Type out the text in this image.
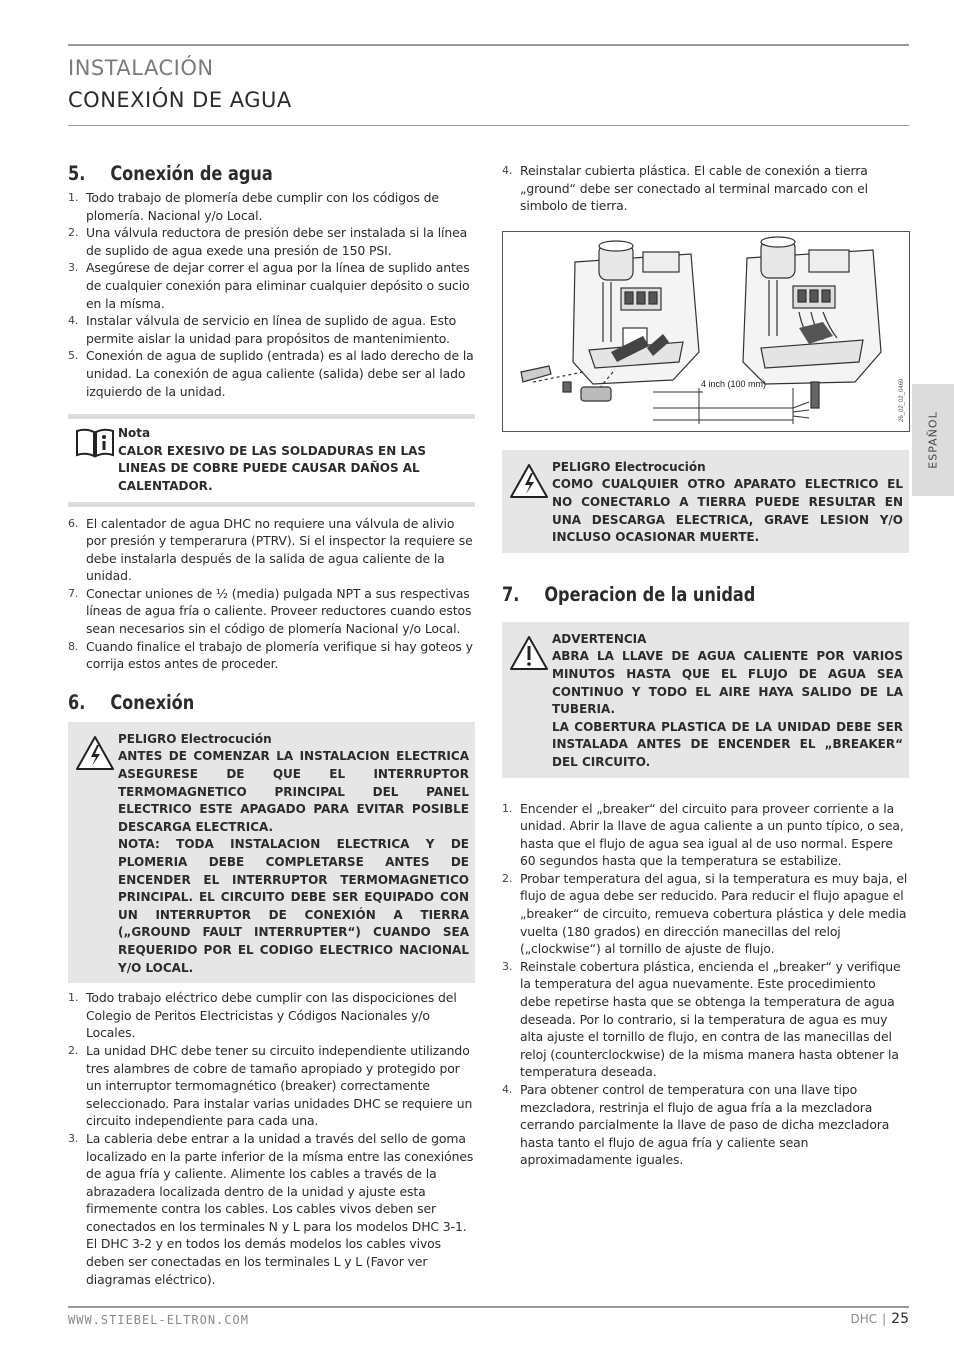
INSTALACIÓN
CONEXIÓN DE AGUA
ESPAÑOL
5.	Conexión de agua
1. Todo trabajo de plomería debe cumplir con los códigos de plomería. Nacional y/o Local.
2. Una válvula reductora de presión debe ser instalada si la línea de suplido de agua exede una presión de 150 PSI.
3. Asegúrese de dejar correr el agua por la línea de suplido antes de cualquier conexión para eliminar cualquier depósito o sucio en la mísma.
4. Instalar válvula de servicio en línea de suplido de agua. Esto permite aislar la unidad para propósitos de mantenimiento.
5. Conexión de agua de suplido (entrada) es al lado derecho de la unidad. La conexión de agua caliente (salida) debe ser al lado izquierdo de la unidad.
Nota
CALOR EXESIVO DE LAS SOLDADURAS EN LAS LINEAS DE COBRE PUEDE CAUSAR DAÑOS AL CALENTADOR.
6. El calentador de agua DHC no requiere una válvula de alivio por presión y temperarura (PTRV). Si el inspector la requiere se debe instalarla después de la salida de agua caliente de la unidad.
7. Conectar uniones de ½ (media) pulgada NPT a sus respectivas líneas de agua fría o caliente. Proveer reductores cuando estos sean necesarios sin el código de plomería Nacional y/o Local.
8. Cuando finalice el trabajo de plomería verifique si hay goteos y corrija estos antes de proceder.
6.	Conexión
PELIGRO Electrocución
ANTES DE COMENZAR LA INSTALACION ELECTRICA ASEGURESE DE QUE EL INTERRUPTOR TERMOMAGNETICO PRINCIPAL DEL PANEL ELECTRICO ESTE APAGADO PARA EVITAR POSIBLE DESCARGA ELECTRICA.
NOTA: TODA INSTALACION ELECTRICA Y DE PLOMERIA DEBE COMPLETARSE ANTES DE ENCENDER EL INTERRUPTOR TERMOMAGNETICO PRINCIPAL. EL CIRCUITO DEBE SER EQUIPADO CON UN INTERRUPTOR DE CONEXIÓN A TIERRA („GROUND FAULT INTERRUPTER“) CUANDO SEA REQUERIDO POR EL CODIGO ELECTRICO NACIONAL Y/O LOCAL.
1. Todo trabajo eléctrico debe cumplir con las dispociciones del Colegio de Peritos Electricistas y Códigos Nacionales y/o Locales.
2. La unidad DHC debe tener su circuito independiente utilizando tres alambres de cobre de tamaño apropiado y protegido por un interruptor termomagnético (breaker) correctamente seleccionado. Para instalar varias unidades DHC se requiere un circuito independiente para cada una.
3. La cableria debe entrar a la unidad a través del sello de goma localizado en la parte inferior de la mísma entre las conexiónes de agua fría y caliente. Alimente los cables a través de la abrazadera localizada dentro de la unidad y ajuste esta firmemente contra los cables. Los cables vivos deben ser conectados en los terminales N y L para los modelos DHC 3-1. El DHC 3-2 y en todos los demás modelos los cables vivos deben ser conectadas en los terminales L y L (Favor ver diagramas eléctrico).
4. Reinstalar cubierta plástica. El cable de conexión a tierra „ground“ debe ser conectado al terminal marcado con el simbolo de tierra.
4 inch (100 mm)	26_02_02_0469
PELIGRO Electrocución
COMO CUALQUIER OTRO APARATO ELECTRICO EL NO CONECTARLO A TIERRA PUEDE RESULTAR EN UNA DESCARGA ELECTRICA, GRAVE LESION Y/O INCLUSO OCASIONAR MUERTE.
7.	Operacion de la unidad
ADVERTENCIA
ABRA LA LLAVE DE AGUA CALIENTE POR VARIOS MINUTOS HASTA QUE EL FLUJO DE AGUA SEA CONTINUO Y TODO EL AIRE HAYA SALIDO DE LA TUBERIA.
LA COBERTURA PLASTICA DE LA UNIDAD DEBE SER INSTALADA ANTES DE ENCENDER EL „BREAKER“ DEL CIRCUITO.
1. Encender el „breaker“ del circuito para proveer corriente a la unidad. Abrir la llave de agua caliente a un punto típico, o sea, hasta que el flujo de agua sea igual al de uso normal. Espere 60 segundos hasta que la temperatura se estabilize.
2. Probar temperatura del agua, si la temperatura es muy baja, el flujo de agua debe ser reducido. Para reducir el flujo apague el „breaker“ de circuito, remueva cobertura plástica y dele media vuelta (180 grados) en dirección manecillas del reloj („clockwise“) al tornillo de ajuste de flujo.
3. Reinstale cobertura plástica, encienda el „breaker“ y verifique la temperatura del agua nuevamente. Este procedimiento debe repetirse hasta que se obtenga la temperatura de agua deseada. Por lo contrario, si la temperatura de agua es muy alta ajuste el tornillo de flujo, en contra de las manecillas del reloj (counterclockwise) de la misma manera hasta obtener la temperatura deseada.
4. Para obtener control de temperatura con una llave tipo mezcladora, restrinja el flujo de agua fría a la mezcladora cerrando parcialmente la llave de paso de dicha mezcladora hasta tanto el flujo de agua fría y caliente sean aproximadamente iguales.
WWW.STIEBEL-ELTRON.COM	DHC | 25
